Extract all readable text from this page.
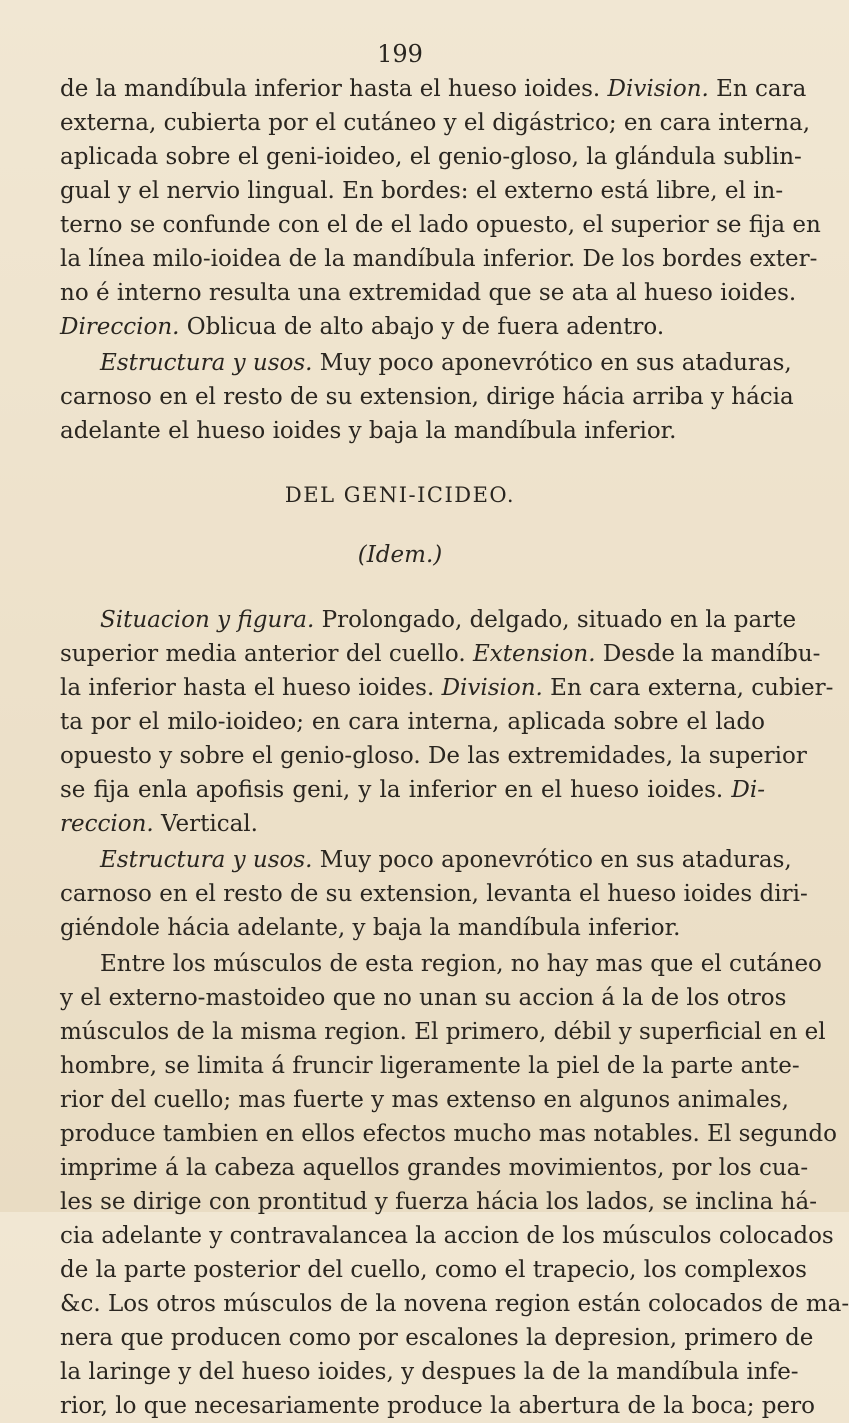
199
de la mandíbula inferior hasta el hueso ioides. Division. En cara
externa, cubierta por el cutáneo y el digástrico; en cara interna,
aplicada sobre el geni-ioideo, el genio-gloso, la glándula sublin-
gual y el nervio lingual. En bordes: el externo está libre, el in-
terno se confunde con el de el lado opuesto, el superior se fija en
la línea milo-ioidea de la mandíbula inferior. De los bordes exter-
no é interno resulta una extremidad que se ata al hueso ioides.
Direccion. Oblicua de alto abajo y de fuera adentro.
Estructura y usos. Muy poco aponevrótico en sus ataduras,
carnoso en el resto de su extension, dirige hácia arriba y hácia
adelante el hueso ioides y baja la mandíbula inferior.
DEL GENI-ICIDEO.
(Idem.)
Situacion y figura. Prolongado, delgado, situado en la parte
superior media anterior del cuello. Extension. Desde la mandíbu-
la inferior hasta el hueso ioides. Division. En cara externa, cubier-
ta por el milo-ioideo; en cara interna, aplicada sobre el lado
opuesto y sobre el genio-gloso. De las extremidades, la superior
se fija enla apofisis geni, y la inferior en el hueso ioides. Di-
reccion. Vertical.
Estructura y usos. Muy poco aponevrótico en sus ataduras,
carnoso en el resto de su extension, levanta el hueso ioides diri-
giéndole hácia adelante, y baja la mandíbula inferior.
Entre los músculos de esta region, no hay mas que el cutáneo
y el externo-mastoideo que no unan su accion á la de los otros
músculos de la misma region. El primero, débil y superficial en el
hombre, se limita á fruncir ligeramente la piel de la parte ante-
rior del cuello; mas fuerte y mas extenso en algunos animales,
produce tambien en ellos efectos mucho mas notables. El segundo
imprime á la cabeza aquellos grandes movimientos, por los cua-
les se dirige con prontitud y fuerza hácia los lados, se inclina há-
cia adelante y contravalancea la accion de los músculos colocados
de la parte posterior del cuello, como el trapecio, los complexos
&c. Los otros músculos de la novena region están colocados de ma-
nera que producen como por escalones la depresion, primero de
la laringe y del hueso ioides, y despues la de la mandíbula infe-
rior, lo que necesariamente produce la abertura de la boca; pero
